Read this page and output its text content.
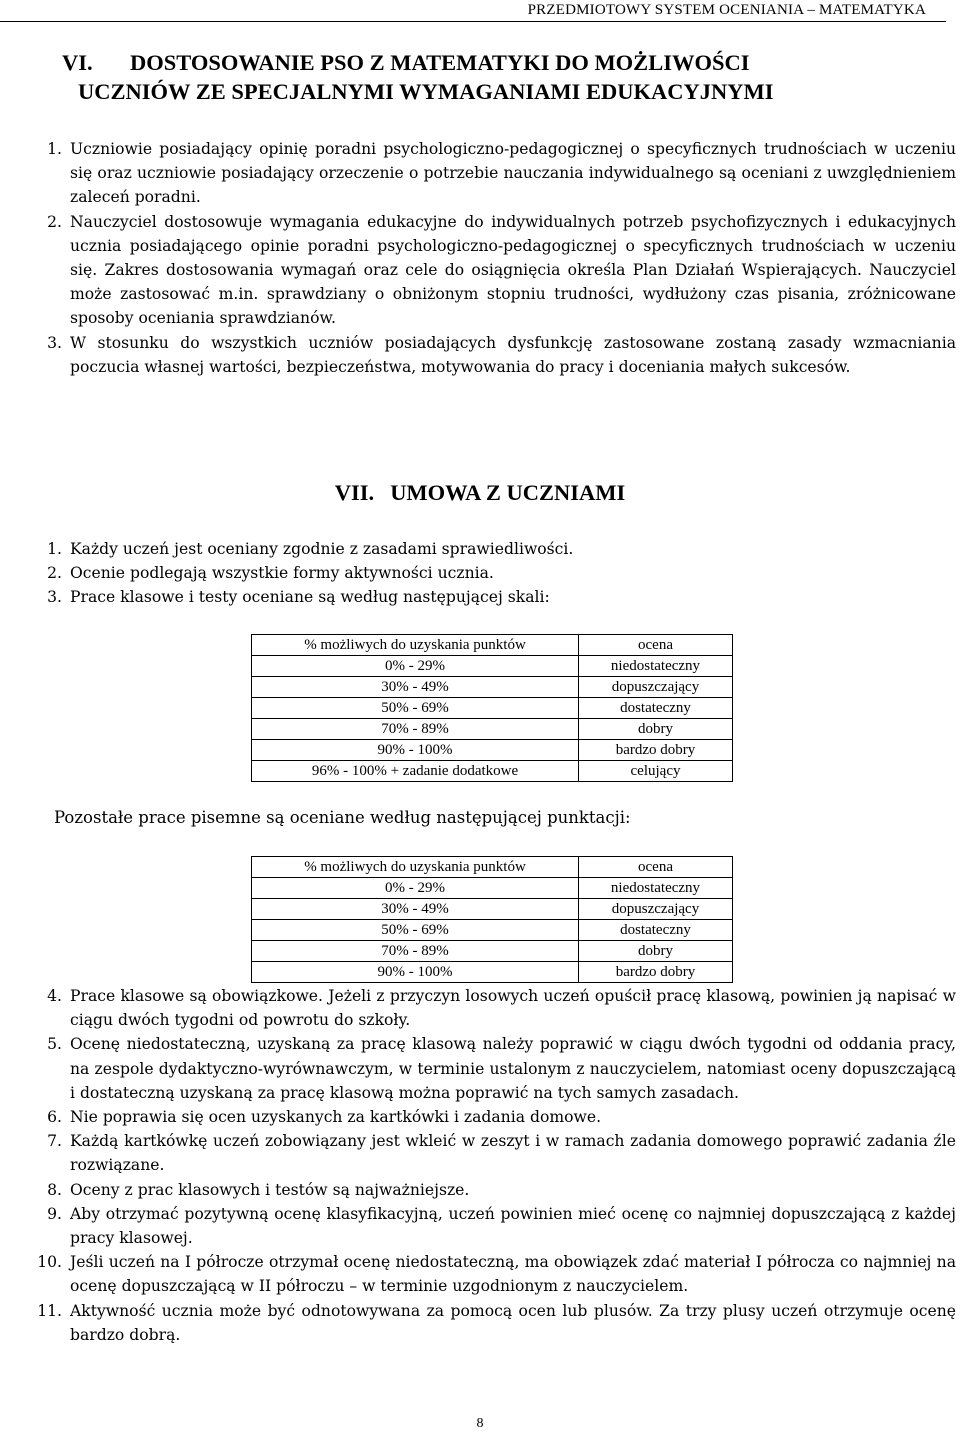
PRZEDMIOTOWY SYSTEM OCENIANIA – MATEMATYKA
VI. DOSTOSOWANIE PSO Z MATEMATYKI DO MOŻLIWOŚCI
UCZNIÓW ZE SPECJALNYMI WYMAGANIAMI EDUKACYJNYMI
1. Uczniowie posiadający opinię poradni psychologiczno-pedagogicznej o specyficznych trudnościach w uczeniu się oraz uczniowie posiadający orzeczenie o potrzebie nauczania indywidualnego są oceniani z uwzględnieniem zaleceń poradni.
2. Nauczyciel dostosowuje wymagania edukacyjne do indywidualnych potrzeb psychofizycznych i edukacyjnych ucznia posiadającego opinie poradni psychologiczno-pedagogicznej o specyficznych trudnościach w uczeniu się. Zakres dostosowania wymagań oraz cele do osiągnięcia określa Plan Działań Wspierających. Nauczyciel może zastosować m.in. sprawdziany o obniżonym stopniu trudności, wydłużony czas pisania, zróżnicowane sposoby oceniania sprawdzianów.
3. W stosunku do wszystkich uczniów posiadających dysfunkcję zastosowane zostaną zasady wzmacniania poczucia własnej wartości, bezpieczeństwa, motywowania do pracy i doceniania małych sukcesów.
VII. UMOWA Z UCZNIAMI
1. Każdy uczeń jest oceniany zgodnie z zasadami sprawiedliwości.
2. Ocenie podlegają wszystkie formy aktywności ucznia.
3. Prace klasowe i testy oceniane są według następującej skali:
% możliwych do uzyskania punktów	ocena
0% - 29%	niedostateczny
30% - 49%	dopuszczający
50% - 69%	dostateczny
70% - 89%	dobry
90% - 100%	bardzo dobry
96% - 100% + zadanie dodatkowe	celujący
Pozostałe prace pisemne są oceniane według następującej punktacji:
% możliwych do uzyskania punktów	ocena
0% - 29%	niedostateczny
30% - 49%	dopuszczający
50% - 69%	dostateczny
70% - 89%	dobry
90% - 100%	bardzo dobry
4. Prace klasowe są obowiązkowe. Jeżeli z przyczyn losowych uczeń opuścił pracę klasową, powinien ją napisać w ciągu dwóch tygodni od powrotu do szkoły.
5. Ocenę niedostateczną, uzyskaną za pracę klasową należy poprawić w ciągu dwóch tygodni od oddania pracy, na zespole dydaktyczno-wyrównawczym, w terminie ustalonym z nauczycielem, natomiast oceny dopuszczającą i dostateczną uzyskaną za pracę klasową można poprawić na tych samych zasadach.
6. Nie poprawia się ocen uzyskanych za kartkówki i zadania domowe.
7. Każdą kartkówkę uczeń zobowiązany jest wkleić w zeszyt i w ramach zadania domowego poprawić zadania źle rozwiązane.
8. Oceny z prac klasowych i testów są najważniejsze.
9. Aby otrzymać pozytywną ocenę klasyfikacyjną, uczeń powinien mieć ocenę co najmniej dopuszczającą z każdej pracy klasowej.
10. Jeśli uczeń na I półrocze otrzymał ocenę niedostateczną, ma obowiązek zdać materiał I półrocza co najmniej na ocenę dopuszczającą w II półroczu – w terminie uzgodnionym z nauczycielem.
11. Aktywność ucznia może być odnotowywana za pomocą ocen lub plusów. Za trzy plusy uczeń otrzymuje ocenę bardzo dobrą.
8
